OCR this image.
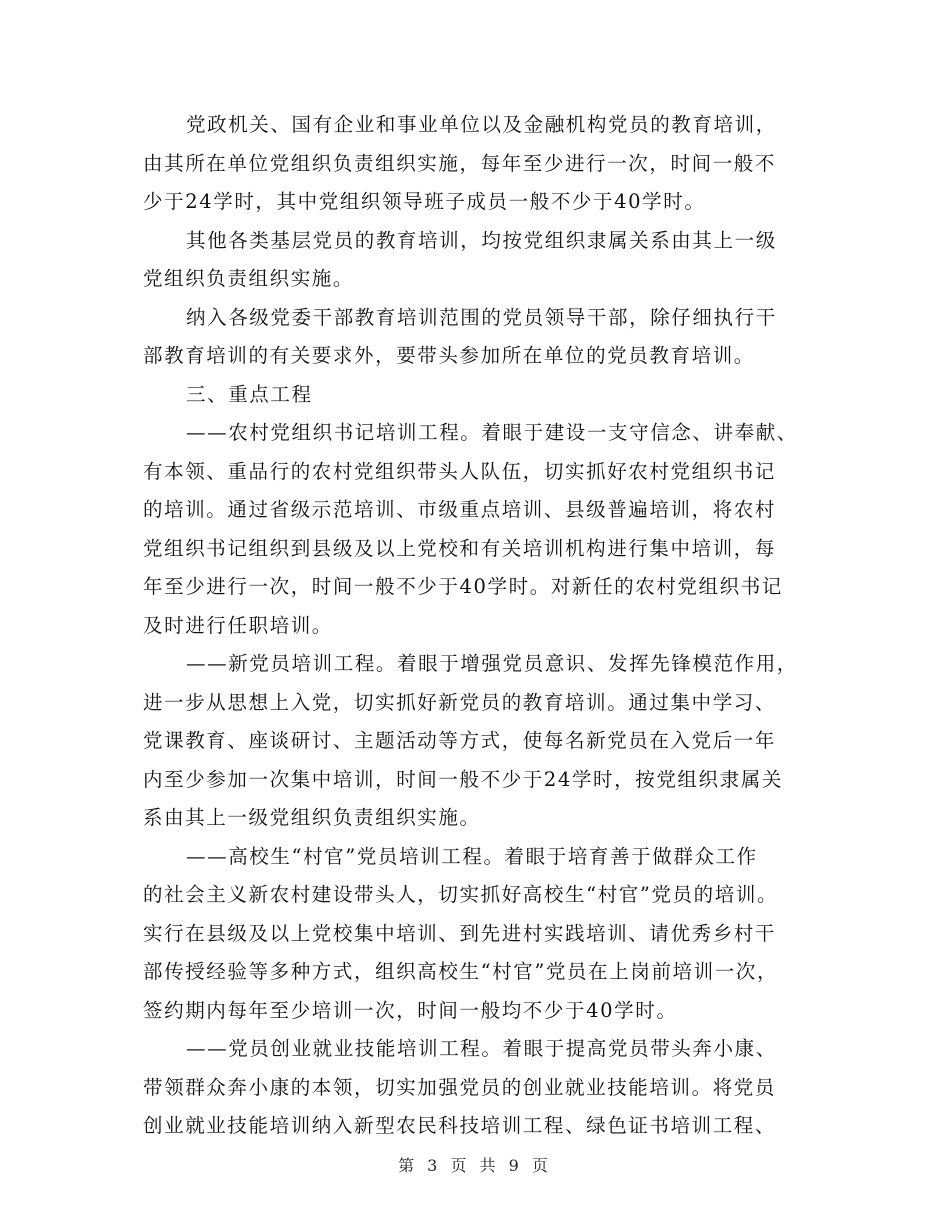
党政机关、国有企业和事业单位以及金融机构党员的教育培训，
由其所在单位党组织负责组织实施，每年至少进行一次，时间一般不
少于24学时，其中党组织领导班子成员一般不少于40学时。
其他各类基层党员的教育培训，均按党组织隶属关系由其上一级
党组织负责组织实施。
纳入各级党委干部教育培训范围的党员领导干部，除仔细执行干
部教育培训的有关要求外，要带头参加所在单位的党员教育培训。
三、重点工程
——农村党组织书记培训工程。着眼于建设一支守信念、讲奉献、
有本领、重品行的农村党组织带头人队伍，切实抓好农村党组织书记
的培训。通过省级示范培训、市级重点培训、县级普遍培训，将农村
党组织书记组织到县级及以上党校和有关培训机构进行集中培训，每
年至少进行一次，时间一般不少于40学时。对新任的农村党组织书记
及时进行任职培训。
——新党员培训工程。着眼于增强党员意识、发挥先锋模范作用，
进一步从思想上入党，切实抓好新党员的教育培训。通过集中学习、
党课教育、座谈研讨、主题活动等方式，使每名新党员在入党后一年
内至少参加一次集中培训，时间一般不少于24学时，按党组织隶属关
系由其上一级党组织负责组织实施。
——高校生“村官”党员培训工程。着眼于培育善于做群众工作
的社会主义新农村建设带头人，切实抓好高校生“村官”党员的培训。
实行在县级及以上党校集中培训、到先进村实践培训、请优秀乡村干
部传授经验等多种方式，组织高校生“村官”党员在上岗前培训一次，
签约期内每年至少培训一次，时间一般均不少于40学时。
——党员创业就业技能培训工程。着眼于提高党员带头奔小康、
带领群众奔小康的本领，切实加强党员的创业就业技能培训。将党员
创业就业技能培训纳入新型农民科技培训工程、绿色证书培训工程、
第 3 页 共 9 页
